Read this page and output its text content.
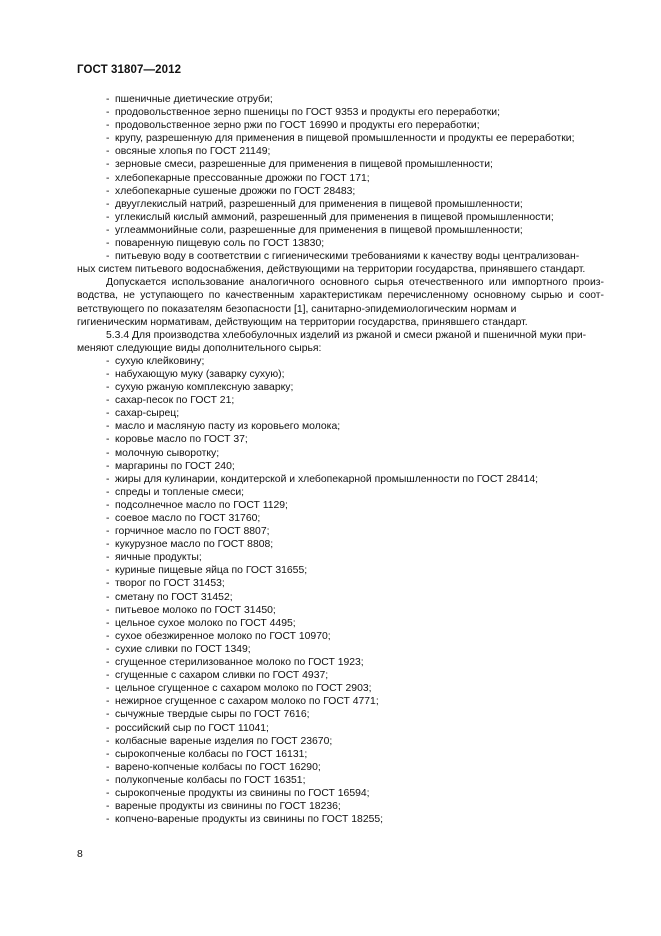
ГОСТ 31807—2012
- пшеничные диетические отруби;
- продовольственное зерно пшеницы по ГОСТ 9353 и продукты его переработки;
- продовольственное зерно ржи по ГОСТ 16990 и продукты его переработки;
- крупу, разрешенную для применения в пищевой промышленности и продукты ее переработки;
- овсяные хлопья по ГОСТ 21149;
- зерновые смеси, разрешенные для применения в пищевой промышленности;
- хлебопекарные прессованные дрожжи по ГОСТ 171;
- хлебопекарные сушеные дрожжи по ГОСТ 28483;
- двууглекислый натрий, разрешенный для применения в пищевой промышленности;
- углекислый кислый аммоний, разрешенный для применения в пищевой промышленности;
- углеаммонийные соли, разрешенные для применения в пищевой промышленности;
- поваренную пищевую соль по ГОСТ 13830;
- питьевую воду в соответствии с гигиеническими требованиями к качеству воды централизован-
ных систем питьевого водоснабжения, действующими на территории государства, принявшего стандарт.
Допускается использование аналогичного основного сырья отечественного или импортного произ- водства, не уступающего по качественным характеристикам перечисленному основному сырью и соот- ветствующего по показателям безопасности [1], санитарно-эпидемиологическим нормам и
гигиеническим нормативам, действующим на территории государства, принявшего стандарт.
5.3.4 Для производства хлебобулочных изделий из ржаной и смеси ржаной и пшеничной муки при-
меняют следующие виды дополнительного сырья:
- сухую клейковину;
- набухающую муку (заварку сухую);
- сухую ржаную комплексную заварку;
- сахар-песок по ГОСТ 21;
- сахар-сырец;
- масло и масляную пасту из коровьего молока;
- коровье масло по ГОСТ 37;
- молочную сыворотку;
- маргарины по ГОСТ 240;
- жиры для кулинарии, кондитерской и хлебопекарной промышленности по ГОСТ 28414;
- спреды и топленые смеси;
- подсолнечное масло по ГОСТ 1129;
- соевое масло по ГОСТ 31760;
- горчичное масло по ГОСТ 8807;
- кукурузное масло по ГОСТ 8808;
- яичные продукты;
- куриные пищевые яйца по ГОСТ 31655;
- творог по ГОСТ 31453;
- сметану по ГОСТ 31452;
- питьевое молоко по ГОСТ 31450;
- цельное сухое молоко по ГОСТ 4495;
- сухое обезжиренное молоко по ГОСТ 10970;
- сухие сливки по ГОСТ 1349;
- сгущенное стерилизованное молоко по ГОСТ 1923;
- сгущенные с сахаром сливки по ГОСТ 4937;
- цельное сгущенное с сахаром молоко по ГОСТ 2903;
- нежирное сгущенное с сахаром молоко по ГОСТ 4771;
- сычужные твердые сыры по ГОСТ 7616;
- российский сыр по ГОСТ 11041;
- колбасные вареные изделия по ГОСТ 23670;
- сырокопченые колбасы по ГОСТ 16131;
- варено-копченые колбасы по ГОСТ 16290;
- полукопченые колбасы по ГОСТ 16351;
- сырокопченые продукты из свинины по ГОСТ 16594;
- вареные продукты из свинины по ГОСТ 18236;
- копчено-вареные продукты из свинины по ГОСТ 18255;
8
